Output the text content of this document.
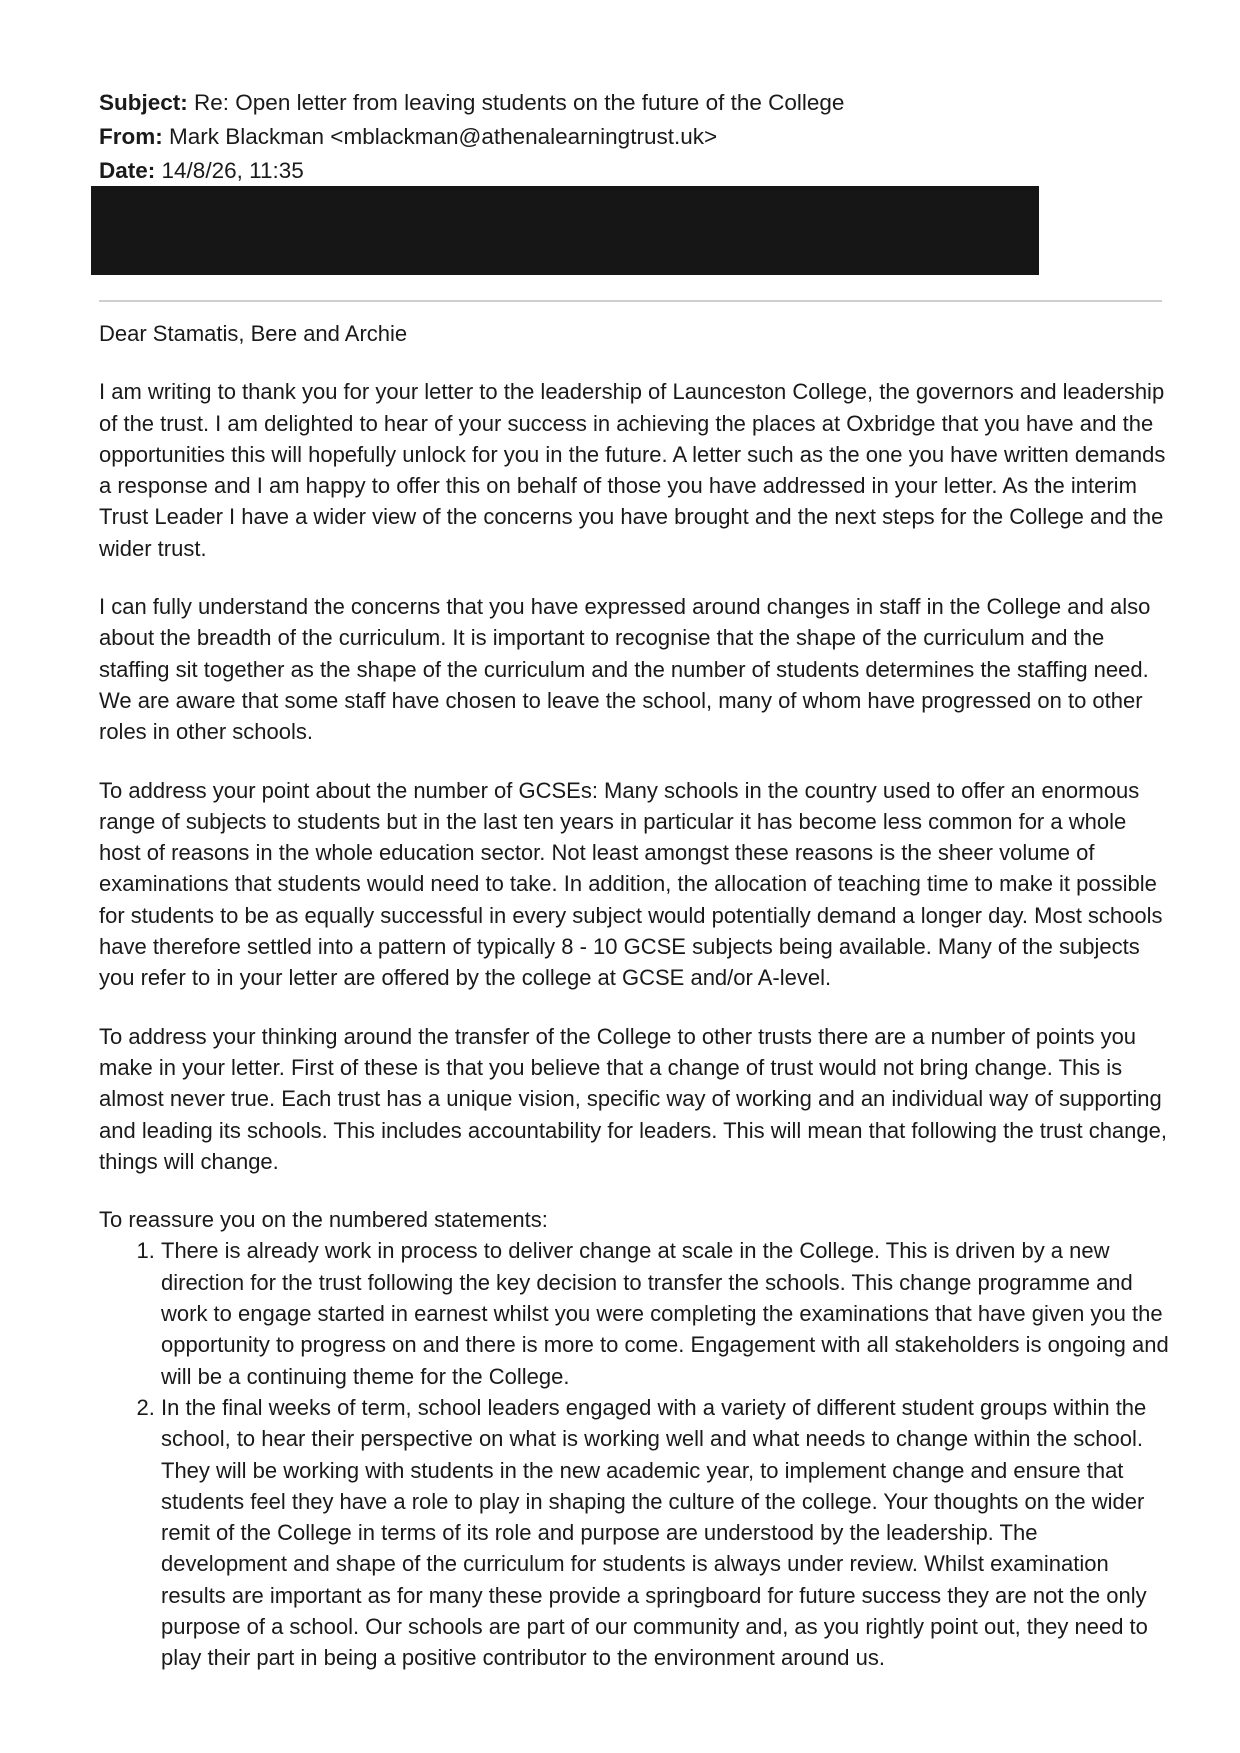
Subject: Re: Open letter from leaving students on the future of the College
From: Mark Blackman <mblackman@athenalearningtrust.uk>
Date: 14/8/26, 11:35

Dear Stamatis, Bere and Archie

I am writing to thank you for your letter to the leadership of Launceston College, the governors and leadership of the trust. I am delighted to hear of your success in achieving the places at Oxbridge that you have and the opportunities this will hopefully unlock for you in the future. A letter such as the one you have written demands a response and I am happy to offer this on behalf of those you have addressed in your letter. As the interim Trust Leader I have a wider view of the concerns you have brought and the next steps for the College and the wider trust.

I can fully understand the concerns that you have expressed around changes in staff in the College and also about the breadth of the curriculum. It is important to recognise that the shape of the curriculum and the staffing sit together as the shape of the curriculum and the number of students determines the staffing need. We are aware that some staff have chosen to leave the school, many of whom have progressed on to other roles in other schools.

To address your point about the number of GCSEs: Many schools in the country used to offer an enormous range of subjects to students but in the last ten years in particular it has become less common for a whole host of reasons in the whole education sector. Not least amongst these reasons is the sheer volume of examinations that students would need to take. In addition, the allocation of teaching time to make it possible for students to be as equally successful in every subject would potentially demand a longer day. Most schools have therefore settled into a pattern of typically 8 - 10 GCSE subjects being available. Many of the subjects you refer to in your letter are offered by the college at GCSE and/or A-level.

To address your thinking around the transfer of the College to other trusts there are a number of points you make in your letter. First of these is that you believe that a change of trust would not bring change. This is almost never true. Each trust has a unique vision, specific way of working and an individual way of supporting and leading its schools. This includes accountability for leaders. This will mean that following the trust change, things will change.

To reassure you on the numbered statements:

1. There is already work in process to deliver change at scale in the College. This is driven by a new direction for the trust following the key decision to transfer the schools. This change programme and work to engage started in earnest whilst you were completing the examinations that have given you the opportunity to progress on and there is more to come. Engagement with all stakeholders is ongoing and will be a continuing theme for the College.
2. In the final weeks of term, school leaders engaged with a variety of different student groups within the school, to hear their perspective on what is working well and what needs to change within the school. They will be working with students in the new academic year, to implement change and ensure that students feel they have a role to play in shaping the culture of the college. Your thoughts on the wider remit of the College in terms of its role and purpose are understood by the leadership. The development and shape of the curriculum for students is always under review. Whilst examination results are important as for many these provide a springboard for future success they are not the only purpose of a school. Our schools are part of our community and, as you rightly point out, they need to play their part in being a positive contributor to the environment around us.
